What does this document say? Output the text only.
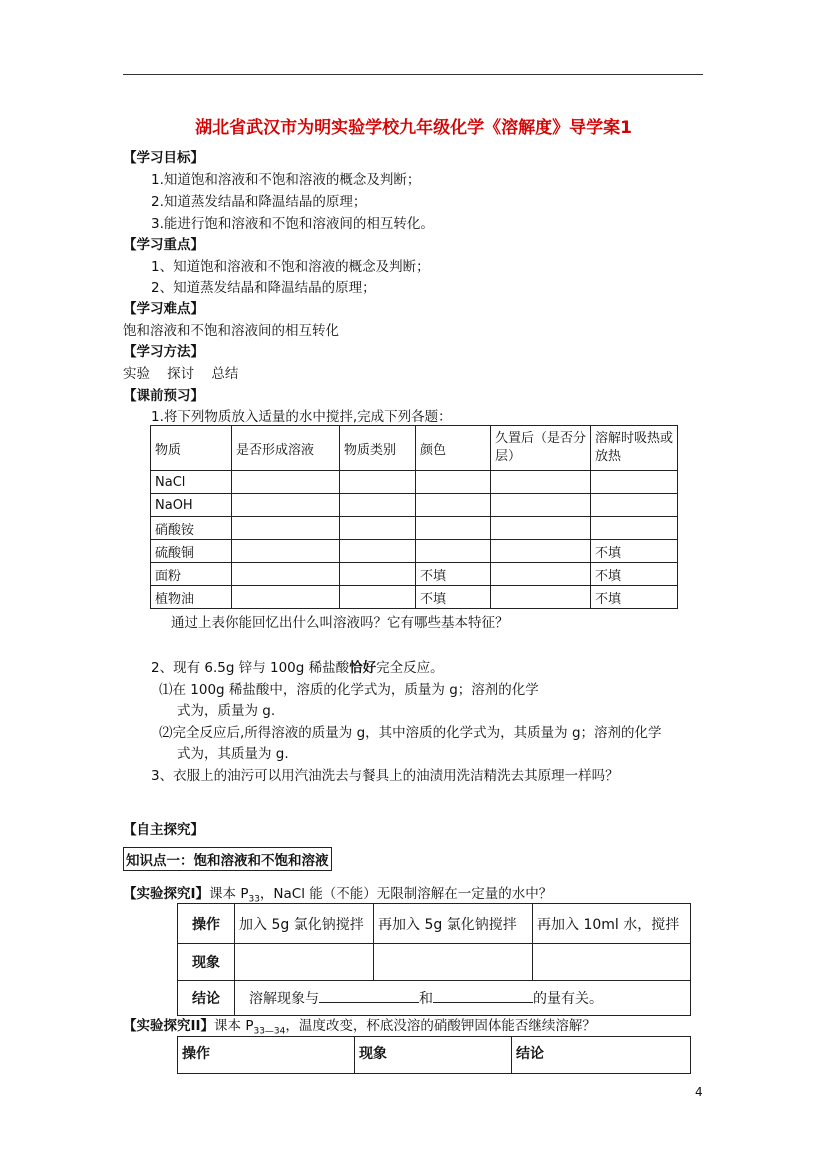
湖北省武汉市为明实验学校九年级化学《溶解度》导学案1
【学习目标】
1.知道饱和溶液和不饱和溶液的概念及判断；
2.知道蒸发结晶和降温结晶的原理；
3.能进行饱和溶液和不饱和溶液间的相互转化。
【学习重点】
1、知道饱和溶液和不饱和溶液的概念及判断；
2、知道蒸发结晶和降温结晶的原理；
【学习难点】
饱和溶液和不饱和溶液间的相互转化
【学习方法】
实验    探讨    总结
【课前预习】
1.将下列物质放入适量的水中搅拌,完成下列各题：
物质	是否形成溶液	物质类别	颜色	久置后（是否分层）	溶解时吸热或放热
NaCl					
NaOH					
硝酸铵					
硫酸铜					不填
面粉			不填		不填
植物油			不填		不填
通过上表你能回忆出什么叫溶液吗？它有哪些基本特征？
2、现有 6.5g 锌与 100g 稀盐酸恰好完全反应。
⑴在 100g 稀盐酸中，溶质的化学式为，质量为 g；溶剂的化学
式为，质量为 g.
⑵完全反应后,所得溶液的质量为 g，其中溶质的化学式为，其质量为 g；溶剂的化学
式为，其质量为 g.
3、衣服上的油污可以用汽油洗去与餐具上的油渍用洗洁精洗去其原理一样吗？
【自主探究】
知识点一：饱和溶液和不饱和溶液
【实验探究Ⅰ】课本 $P_{33}$，NaCl 能（不能）无限制溶解在一定量的水中？
操作	加入 5g 氯化钠搅拌	再加入 5g 氯化钠搅拌	再加入 10ml 水，搅拌
现象			
结论	溶解现象与 和 的量有关。		
【实验探究II】课本 $P_{33—34}$，温度改变，杯底没溶的硝酸钾固体能否继续溶解？
操作	现象	结论
4
